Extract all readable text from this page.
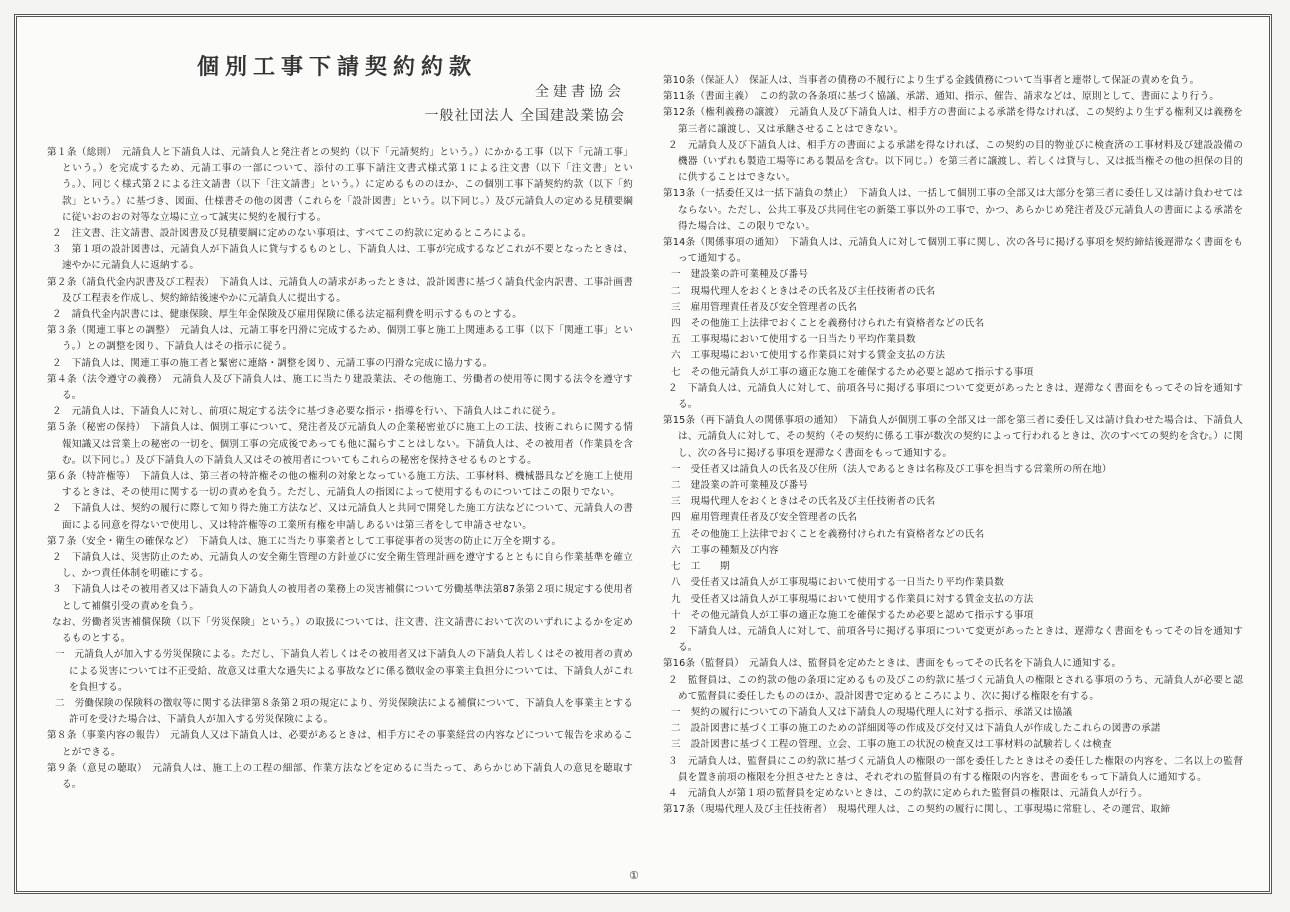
個別工事下請契約約款
全建書協会
一般社団法人 全国建設業協会

第１条（総則）　元請負人と下請負人は、元請負人と発注者との契約（以下「元請契約」という。）にかかる工事（以下「元請工事」という。）を完成するため、元請工事の一部について、添付の工事下請注文書式様式第１による注文書（以下「注文書」という。）、同じく様式第２による注文請書（以下「注文請書」という。）に定めるもののほか、この個別工事下請契約約款（以下「約款」という。）に基づき、図面、仕様書その他の図書（これらを「設計図書」という。以下同じ。）及び元請負人の定める見積要綱に従いおのおの対等な立場に立って誠実に契約を履行する。

２　注文書、注文請書、設計図書及び見積要綱に定めのない事項は、すべてこの約款に定めるところによる。

３　第１項の設計図書は、元請負人が下請負人に貸与するものとし、下請負人は、工事が完成するなどこれが不要となったときは、速やかに元請負人に返納する。

第２条（請負代金内訳書及び工程表）　下請負人は、元請負人の請求があったときは、設計図書に基づく請負代金内訳書、工事計画書及び工程表を作成し、契約締結後速やかに元請負人に提出する。

２　請負代金内訳書には、健康保険、厚生年金保険及び雇用保険に係る法定福利費を明示するものとする。

第３条（関連工事との調整）　元請負人は、元請工事を円滑に完成するため、個別工事と施工上関連ある工事（以下「関連工事」という。）との調整を図り、下請負人はその指示に従う。

２　下請負人は、関連工事の施工者と緊密に連絡・調整を図り、元請工事の円滑な完成に協力する。

第４条（法令遵守の義務）　元請負人及び下請負人は、施工に当たり建設業法、その他施工、労働者の使用等に関する法令を遵守する。

２　元請負人は、下請負人に対し、前項に規定する法令に基づき必要な指示・指導を行い、下請負人はこれに従う。

第５条（秘密の保持）　下請負人は、個別工事について、発注者及び元請負人の企業秘密並びに施工上の工法、技術これらに関する情報知識又は営業上の秘密の一切を、個別工事の完成後であっても他に漏らすことはしない。下請負人は、その被用者（作業員を含む。以下同じ。）及び下請負人の下請負人又はその被用者についてもこれらの秘密を保持させるものとする。

第６条（特許権等）　下請負人は、第三者の特許権その他の権利の対象となっている施工方法、工事材料、機械器具などを施工上使用するときは、その使用に関する一切の責めを負う。ただし、元請負人の指図によって使用するものについてはこの限りでない。

２　下請負人は、契約の履行に際して知り得た施工方法など、又は元請負人と共同で開発した施工方法などについて、元請負人の書面による同意を得ないで使用し、又は特許権等の工業所有権を申請しあるいは第三者をして申請させない。

第７条（安全・衛生の確保など）　下請負人は、施工に当たり事業者として工事従事者の災害の防止に万全を期する。

２　下請負人は、災害防止のため、元請負人の安全衛生管理の方針並びに安全衛生管理計画を遵守するとともに自ら作業基準を確立し、かつ責任体制を明確にする。

３　下請負人はその被用者又は下請負人の下請負人の被用者の業務上の災害補償について労働基準法第87条第２項に規定する使用者として補償引受の責めを負う。

なお、労働者災害補償保険（以下「労災保険」という。）の取扱については、注文書、注文請書において次のいずれによるかを定めるものとする。

一　元請負人が加入する労災保険による。ただし、下請負人若しくはその被用者又は下請負人の下請負人若しくはその被用者の責めによる災害については不正受給、故意又は重大な過失による事故などに係る徴収金の事業主負担分については、下請負人がこれを負担する。

二　労働保険の保険料の徴収等に関する法律第８条第２項の規定により、労災保険法による補償について、下請負人を事業主とする許可を受けた場合は、下請負人が加入する労災保険による。

第８条（事業内容の報告）　元請負人又は下請負人は、必要があるときは、相手方にその事業経営の内容などについて報告を求めることができる。

第９条（意見の聴取）　元請負人は、施工上の工程の細部、作業方法などを定めるに当たって、あらかじめ下請負人の意見を聴取する。

第10条（保証人）　保証人は、当事者の債務の不履行により生ずる金銭債務について当事者と連帯して保証の責めを負う。

第11条（書面主義）　この約款の各条項に基づく協議、承諾、通知、指示、催告、請求などは、原則として、書面により行う。

第12条（権利義務の譲渡）　元請負人及び下請負人は、相手方の書面による承諾を得なければ、この契約より生ずる権利又は義務を第三者に譲渡し、又は承継させることはできない。

２　元請負人及び下請負人は、相手方の書面による承諾を得なければ、この契約の目的物並びに検査済の工事材料及び建設設備の機器（いずれも製造工場等にある製品を含む。以下同じ。）を第三者に譲渡し、若しくは貸与し、又は抵当権その他の担保の目的に供することはできない。

第13条（一括委任又は一括下請負の禁止）　下請負人は、一括して個別工事の全部又は大部分を第三者に委任し又は請け負わせてはならない。ただし、公共工事及び共同住宅の新築工事以外の工事で、かつ、あらかじめ発注者及び元請負人の書面による承諾を得た場合は、この限りでない。

第14条（関係事項の通知）　下請負人は、元請負人に対して個別工事に関し、次の各号に掲げる事項を契約締結後遅滞なく書面をもって通知する。

一　建設業の許可業種及び番号

二　現場代理人をおくときはその氏名及び主任技術者の氏名

三　雇用管理責任者及び安全管理者の氏名

四　その他施工上法律でおくことを義務付けられた有資格者などの氏名

五　工事現場において使用する一日当たり平均作業員数

六　工事現場において使用する作業員に対する賃金支払の方法

七　その他元請負人が工事の適正な施工を確保するため必要と認めて指示する事項

２　下請負人は、元請負人に対して、前項各号に掲げる事項について変更があったときは、遅滞なく書面をもってその旨を通知する。

第15条（再下請負人の関係事項の通知）　下請負人が個別工事の全部又は一部を第三者に委任し又は請け負わせた場合は、下請負人は、元請負人に対して、その契約（その契約に係る工事が数次の契約によって行われるときは、次のすべての契約を含む。）に関し、次の各号に掲げる事項を遅滞なく書面をもって通知する。

一　受任者又は請負人の氏名及び住所（法人であるときは名称及び工事を担当する営業所の所在地）

二　建設業の許可業種及び番号

三　現場代理人をおくときはその氏名及び主任技術者の氏名

四　雇用管理責任者及び安全管理者の氏名

五　その他施工上法律でおくことを義務付けられた有資格者などの氏名

六　工事の種類及び内容

七　工　　期

八　受任者又は請負人が工事現場において使用する一日当たり平均作業員数

九　受任者又は請負人が工事現場において使用する作業員に対する賃金支払の方法

十　その他元請負人が工事の適正な施工を確保するため必要と認めて指示する事項

２　下請負人は、元請負人に対して、前項各号に掲げる事項について変更があったときは、遅滞なく書面をもってその旨を通知する。

第16条（監督員）　元請負人は、監督員を定めたときは、書面をもってその氏名を下請負人に通知する。

２　監督員は、この約款の他の条項に定めるもの及びこの約款に基づく元請負人の権限とされる事項のうち、元請負人が必要と認めて監督員に委任したもののほか、設計図書で定めるところにより、次に掲げる権限を有する。

一　契約の履行についての下請負人又は下請負人の現場代理人に対する指示、承諾又は協議

二　設計図書に基づく工事の施工のための詳細図等の作成及び交付又は下請負人が作成したこれらの図書の承諾

三　設計図書に基づく工程の管理、立会、工事の施工の状況の検査又は工事材料の試験若しくは検査

３　元請負人は、監督員にこの約款に基づく元請負人の権限の一部を委任したときはその委任した権限の内容を、二名以上の監督員を置き前項の権限を分担させたときは、それぞれの監督員の有する権限の内容を、書面をもって下請負人に通知する。

４　元請負人が第１項の監督員を定めないときは、この約款に定められた監督員の権限は、元請負人が行う。

第17条（現場代理人及び主任技術者）　現場代理人は、この契約の履行に関し、工事現場に常駐し、その運営、取締

①
